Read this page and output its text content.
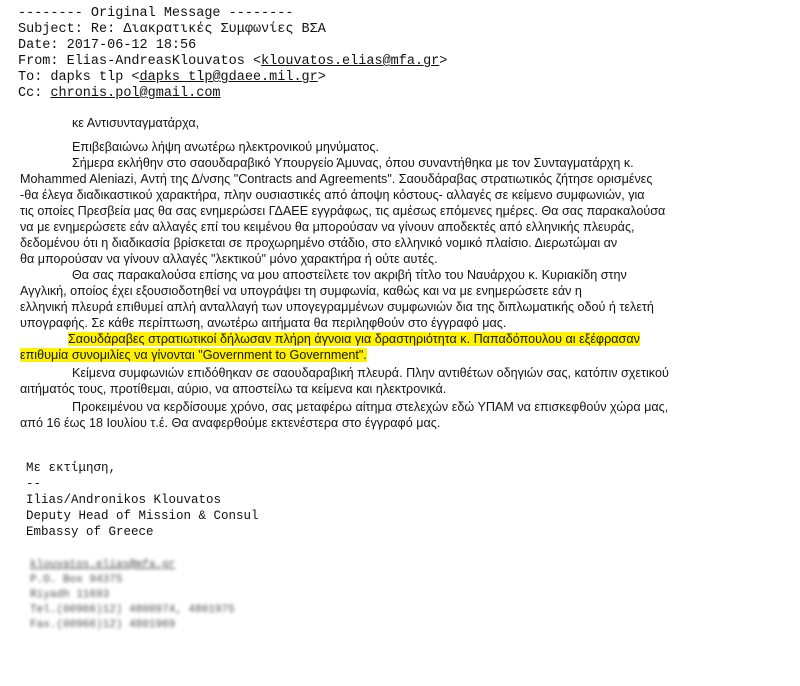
-------- Original Message --------
Subject: Re: Διακρατικές Συμφωνίες ΒΣΑ
Date: 2017-06-12 18:56
From: Elias-AndreasKlouvatos <klouvatos.elias@mfa.gr>
To: dapks tlp <dapks_tlp@gdaee.mil.gr>
Cc: chronis.pol@gmail.com
κε Αντισυνταγματάρχα,
Επιβεβαιώνω λήψη ανωτέρω ηλεκτρονικού μηνύματος.
Σήμερα εκλήθην στο σαουδαραβικό Υπουργείο Άμυνας, όπου συναντήθηκα με τον Συνταγματάρχη κ.
Mohammed Aleniazi, Αντή της Δ/νσης "Contracts and Agreements". Σαουδάραβας στρατιωτικός ζήτησε ορισμένες
-θα έλεγα διαδικαστικού χαρακτήρα, πλην ουσιαστικές από άποψη κόστους- αλλαγές σε κείμενο συμφωνιών, για
τις οποίες Πρεσβεία μας θα σας ενημερώσει ΓΔΑΕΕ εγγράφως, τις αμέσως επόμενες ημέρες. Θα σας παρακαλούσα
να με ενημερώσετε εάν αλλαγές επί του κειμένου θα μπορούσαν να γίνουν αποδεκτές από ελληνικής πλευράς,
δεδομένου ότι η διαδικασία βρίσκεται σε προχωρημένο στάδιο, στο ελληνικό νομικό πλαίσιο. Διερωτώμαι αν
θα μπορούσαν να γίνουν αλλαγές "λεκτικού" μόνο χαρακτήρα ή ούτε αυτές.
Θα σας παρακαλούσα επίσης να μου αποστείλετε τον ακριβή τίτλο του Ναυάρχου κ. Κυριακίδη στην
Αγγλική, οποίος έχει εξουσιοδοτηθεί να υπογράψει τη συμφωνία, καθώς και να με ενημερώσετε εάν η
ελληνική πλευρά επιθυμεί απλή ανταλλαγή των υπογεγραμμένων συμφωνιών δια της διπλωματικής οδού ή τελετή
υπογραφής. Σε κάθε περίπτωση, ανωτέρω αιτήματα θα περιληφθούν στο έγγραφό μας.
Σαουδάραβες στρατιωτικοί δήλωσαν πλήρη άγνοια για δραστηριότητα κ. Παπαδόπουλου αι εξέφρασαν
επιθυμία συνομιλίες να γίνονται "Government to Government".
Κείμενα συμφωνιών επιδόθηκαν σε σαουδαραβική πλευρά. Πλην αντιθέτων οδηγιών σας, κατόπιν σχετικού
αιτήματός τους, προτίθεμαι, αύριο, να αποστείλω τα κείμενα και ηλεκτρονικά.
Προκειμένου να κερδίσουμε χρόνο, σας μεταφέρω αίτημα στελεχών εδώ ΥΠΑΜ να επισκεφθούν χώρα μας,
από 16 έως 18 Ιουλίου τ.έ. Θα αναφερθούμε εκτενέστερα στο έγγραφό μας.
Με εκτίμηση,
--
Ilias/Andronikos Klouvatos
Deputy Head of Mission & Consul
Embassy of Greece
klouvatos.elias@mfa.gr
P.O. Box 94375
Riyadh 11693
Tel.(00966)12) 4800974, 4801975
Fax.(00966)12) 4801969
